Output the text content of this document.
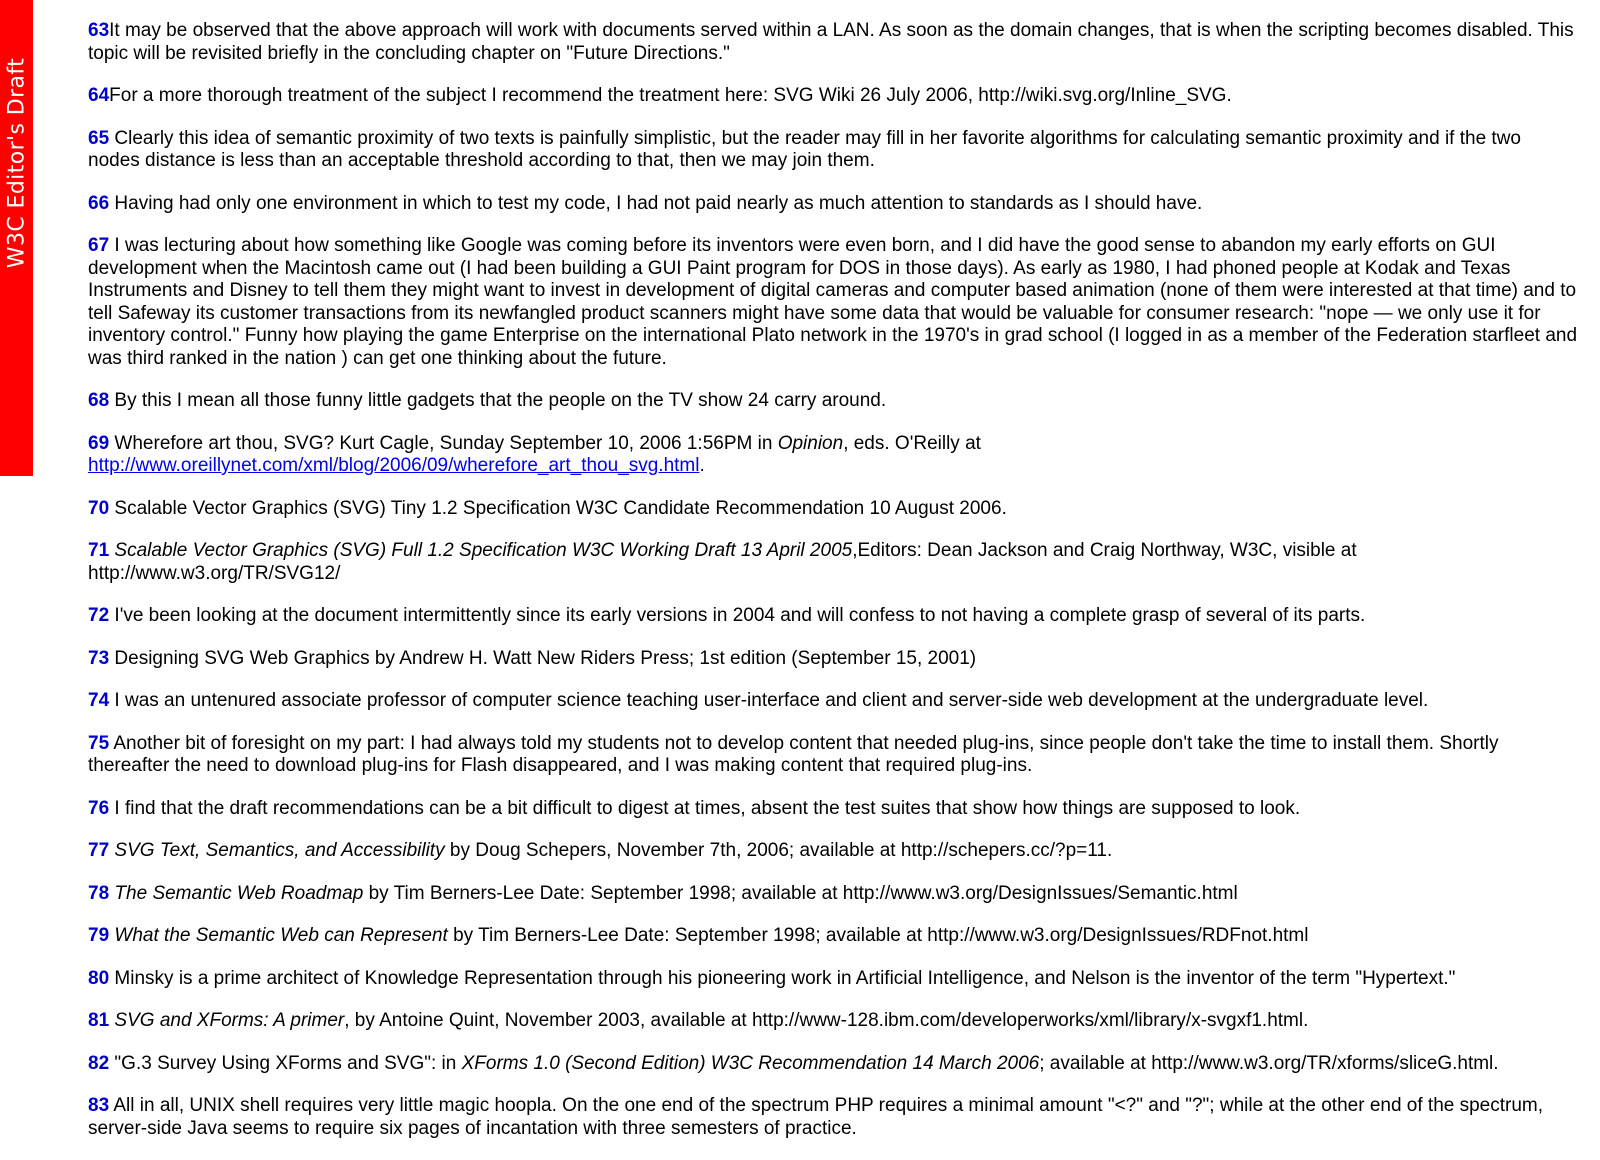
W3C Editor's Draft

63It may be observed that the above approach will work with documents served within a LAN. As soon as the domain changes, that is when the scripting becomes disabled. This topic will be revisited briefly in the concluding chapter on "Future Directions."

64For a more thorough treatment of the subject I recommend the treatment here: SVG Wiki 26 July 2006, http://wiki.svg.org/Inline_SVG.

65 Clearly this idea of semantic proximity of two texts is painfully simplistic, but the reader may fill in her favorite algorithms for calculating semantic proximity and if the two nodes distance is less than an acceptable threshold according to that, then we may join them.

66 Having had only one environment in which to test my code, I had not paid nearly as much attention to standards as I should have.

67 I was lecturing about how something like Google was coming before its inventors were even born, and I did have the good sense to abandon my early efforts on GUI development when the Macintosh came out (I had been building a GUI Paint program for DOS in those days). As early as 1980, I had phoned people at Kodak and Texas Instruments and Disney to tell them they might want to invest in development of digital cameras and computer based animation (none of them were interested at that time) and to tell Safeway its customer transactions from its newfangled product scanners might have some data that would be valuable for consumer research: "nope — we only use it for inventory control." Funny how playing the game Enterprise on the international Plato network in the 1970's in grad school (I logged in as a member of the Federation starfleet and was third ranked in the nation ) can get one thinking about the future.

68 By this I mean all those funny little gadgets that the people on the TV show 24 carry around.

69 Wherefore art thou, SVG? Kurt Cagle, Sunday September 10, 2006 1:56PM in Opinion, eds. O'Reilly at http://www.oreillynet.com/xml/blog/2006/09/wherefore_art_thou_svg.html.

70 Scalable Vector Graphics (SVG) Tiny 1.2 Specification W3C Candidate Recommendation 10 August 2006.

71 Scalable Vector Graphics (SVG) Full 1.2 Specification W3C Working Draft 13 April 2005,Editors: Dean Jackson and Craig Northway, W3C, visible at http://www.w3.org/TR/SVG12/

72 I've been looking at the document intermittently since its early versions in 2004 and will confess to not having a complete grasp of several of its parts.

73 Designing SVG Web Graphics by Andrew H. Watt New Riders Press; 1st edition (September 15, 2001)

74 I was an untenured associate professor of computer science teaching user-interface and client and server-side web development at the undergraduate level.

75 Another bit of foresight on my part: I had always told my students not to develop content that needed plug-ins, since people don't take the time to install them. Shortly thereafter the need to download plug-ins for Flash disappeared, and I was making content that required plug-ins.

76 I find that the draft recommendations can be a bit difficult to digest at times, absent the test suites that show how things are supposed to look.

77 SVG Text, Semantics, and Accessibility by Doug Schepers, November 7th, 2006; available at http://schepers.cc/?p=11.

78 The Semantic Web Roadmap by Tim Berners-Lee Date: September 1998; available at http://www.w3.org/DesignIssues/Semantic.html

79 What the Semantic Web can Represent by Tim Berners-Lee Date: September 1998; available at http://www.w3.org/DesignIssues/RDFnot.html

80 Minsky is a prime architect of Knowledge Representation through his pioneering work in Artificial Intelligence, and Nelson is the inventor of the term "Hypertext."

81 SVG and XForms: A primer, by Antoine Quint, November 2003, available at http://www-128.ibm.com/developerworks/xml/library/x-svgxf1.html.

82 "G.3 Survey Using XForms and SVG": in XForms 1.0 (Second Edition) W3C Recommendation 14 March 2006; available at http://www.w3.org/TR/xforms/sliceG.html.

83 All in all, UNIX shell requires very little magic hoopla. On the one end of the spectrum PHP requires a minimal amount "<?" and "?"; while at the other end of the spectrum, server-side Java seems to require six pages of incantation with three semesters of practice.
